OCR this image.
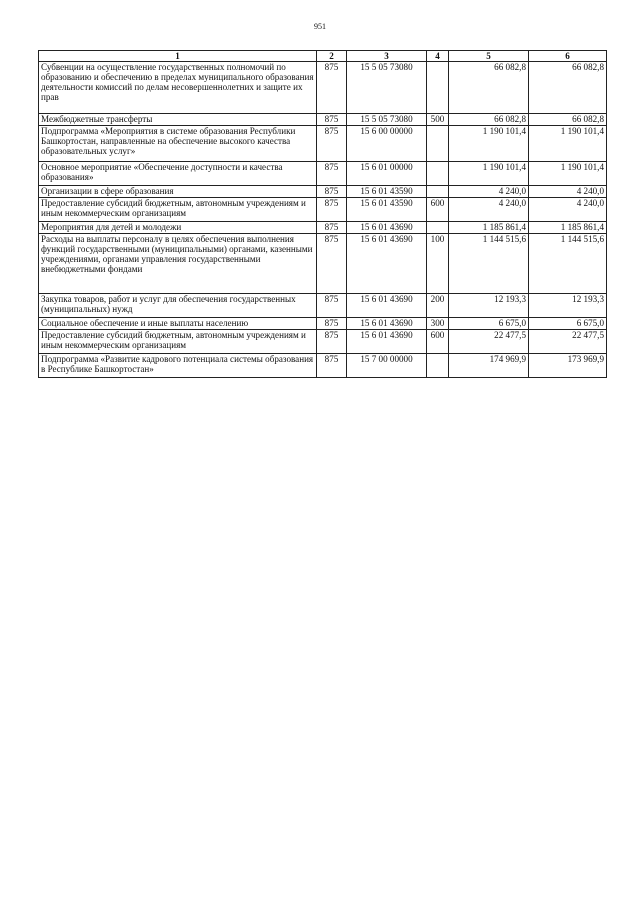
951
1	2	3	4	5	6
Субвенции на осуществление государственных полномочий по образованию и обеспечению в пределах муниципального образования деятельности комиссий по делам несовершеннолетних и защите их прав	875	15 5 05 73080		66 082,8	66 082,8
Межбюджетные трансферты	875	15 5 05 73080	500	66 082,8	66 082,8
Подпрограмма «Мероприятия в системе образования Республики Башкортостан, направленные на обеспечение высокого качества образовательных услуг»	875	15 6 00 00000		1 190 101,4	1 190 101,4
Основное мероприятие «Обеспечение доступности и качества образования»	875	15 6 01 00000		1 190 101,4	1 190 101,4
Организации в сфере образования	875	15 6 01 43590		4 240,0	4 240,0
Предоставление субсидий бюджетным, автономным учреждениям и иным некоммерческим организациям	875	15 6 01 43590	600	4 240,0	4 240,0
Мероприятия для детей и молодежи	875	15 6 01 43690		1 185 861,4	1 185 861,4
Расходы на выплаты персоналу в целях обеспечения выполнения функций государственными (муниципальными) органами, казенными учреждениями, органами управления государственными внебюджетными фондами	875	15 6 01 43690	100	1 144 515,6	1 144 515,6
Закупка товаров, работ и услуг для обеспечения государственных (муниципальных) нужд	875	15 6 01 43690	200	12 193,3	12 193,3
Социальное обеспечение и иные выплаты населению	875	15 6 01 43690	300	6 675,0	6 675,0
Предоставление субсидий бюджетным, автономным учреждениям и иным некоммерческим организациям	875	15 6 01 43690	600	22 477,5	22 477,5
Подпрограмма «Развитие кадрового потенциала системы образования в Республике Башкортостан»	875	15 7 00 00000		174 969,9	173 969,9
